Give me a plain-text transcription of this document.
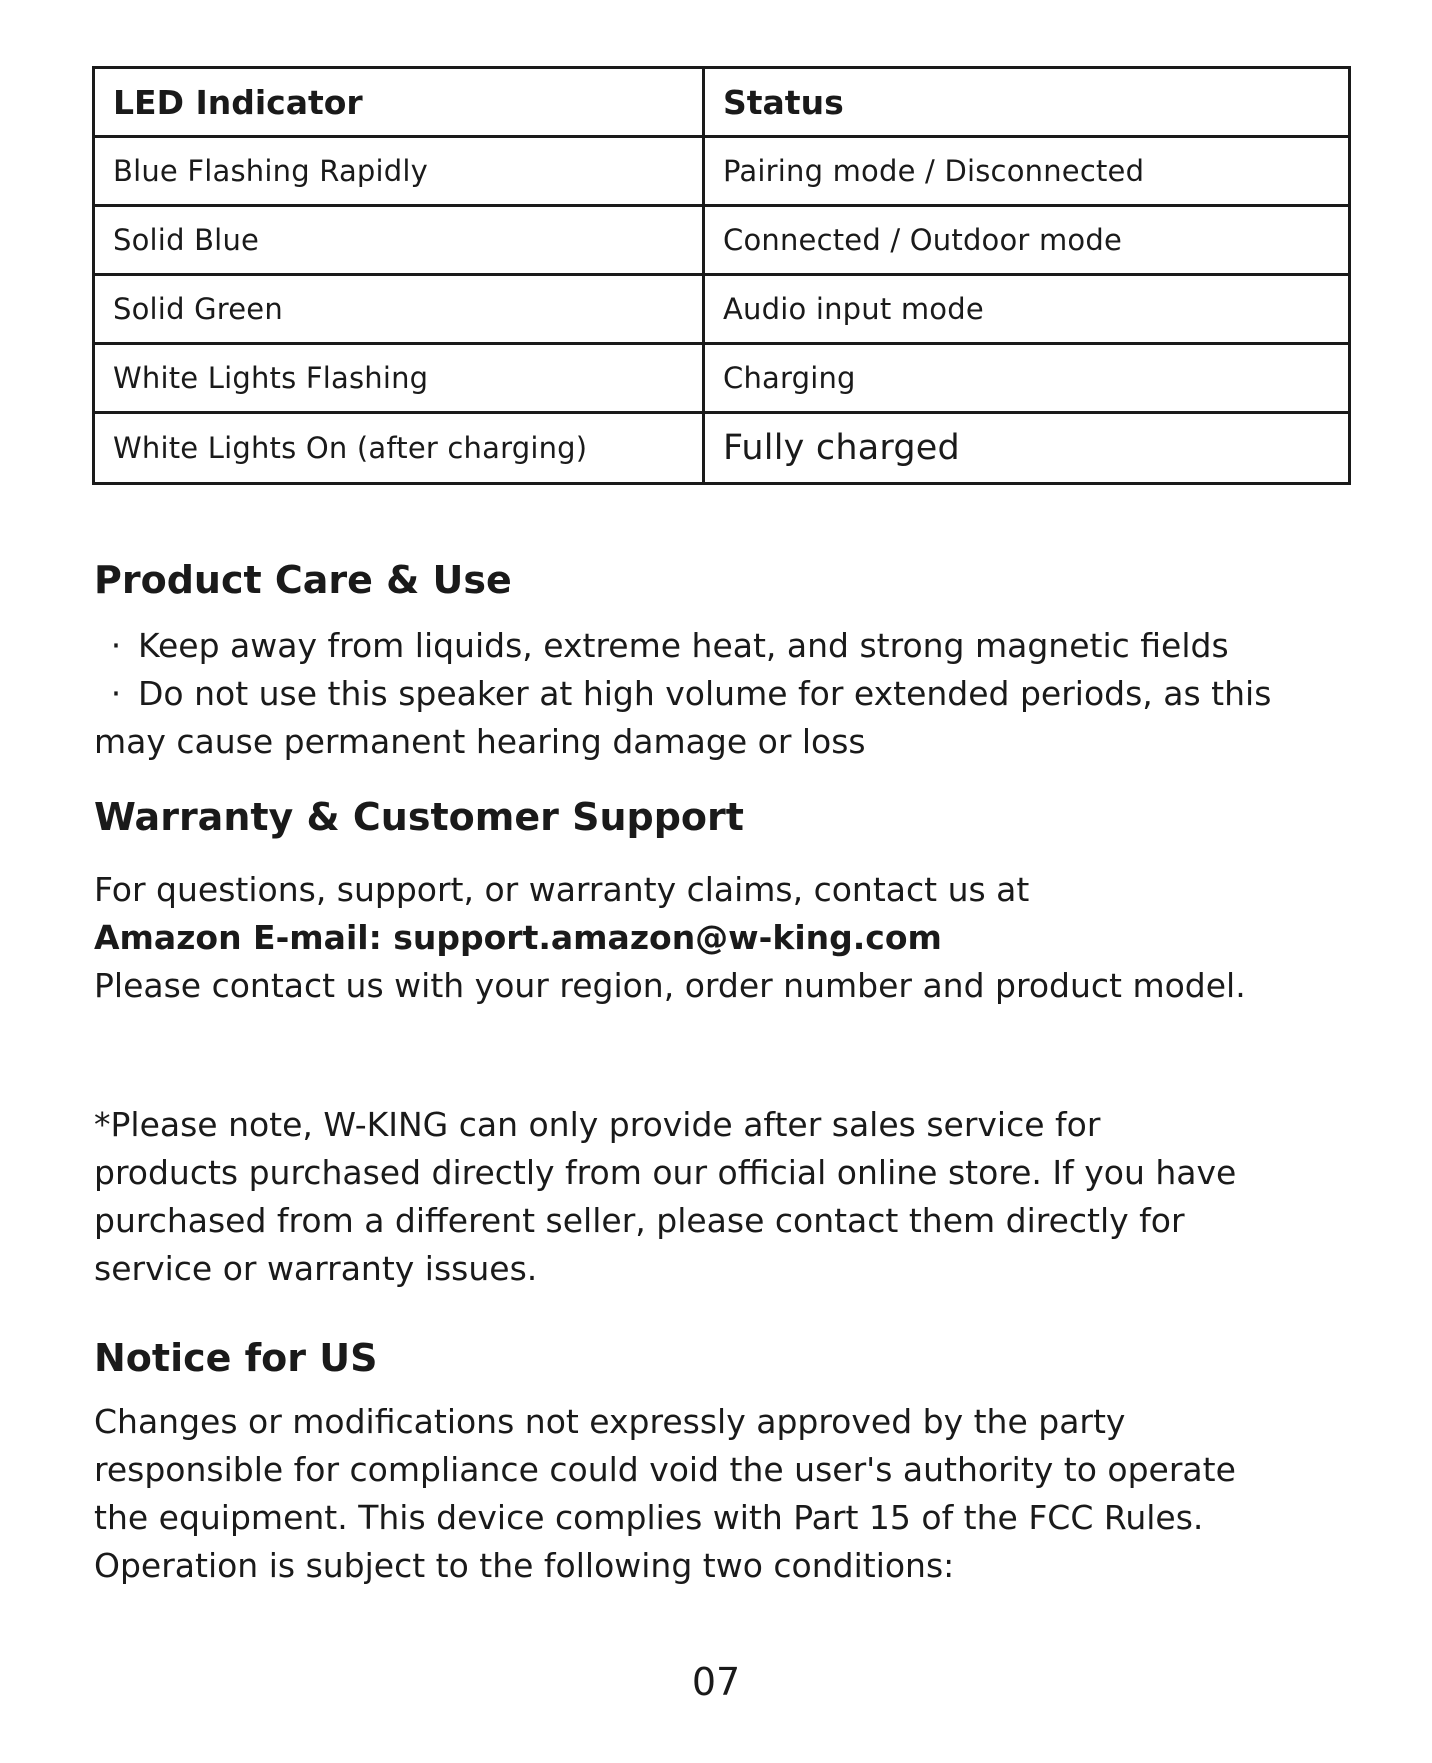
LED Indicator	Status
Blue Flashing Rapidly	Pairing mode / Disconnected
Solid Blue	Connected / Outdoor mode
Solid Green	Audio input mode
White Lights Flashing	Charging
White Lights On (after charging)	Fully charged
Product Care & Use

· Keep away from liquids, extreme heat, and strong magnetic fields
· Do not use this speaker at high volume for extended periods, as this
may cause permanent hearing damage or loss

Warranty & Customer Support

For questions, support, or warranty claims, contact us at
Amazon E-mail: support.amazon@w-king.com
Please contact us with your region, order number and product model.

*Please note, W-KING can only provide after sales service for
products purchased directly from our official online store. If you have
purchased from a different seller, please contact them directly for
service or warranty issues.

Notice for US

Changes or modifications not expressly approved by the party
responsible for compliance could void the user's authority to operate
the equipment. This device complies with Part 15 of the FCC Rules.
Operation is subject to the following two conditions:

07
